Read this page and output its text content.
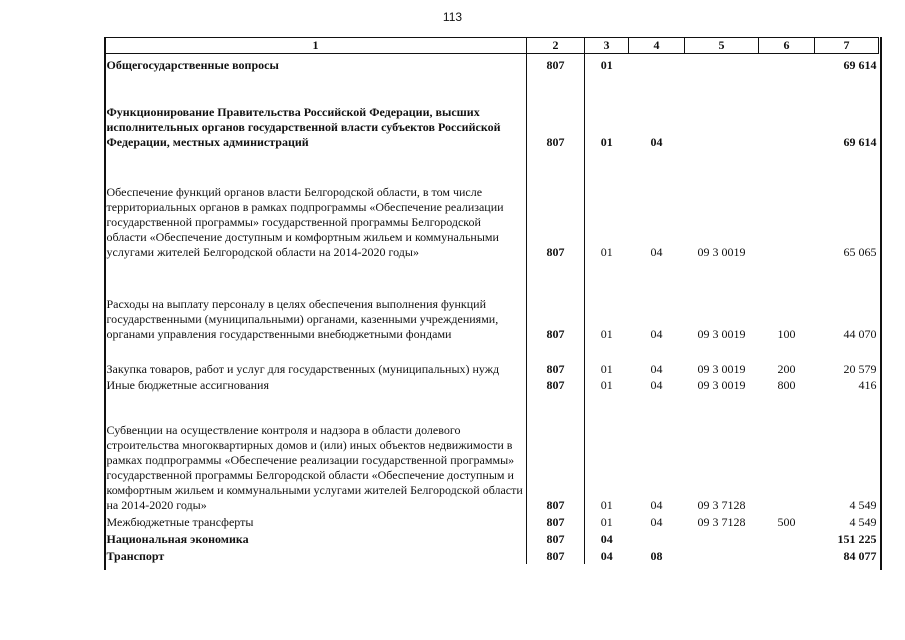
113
1	2	3	4	5	6	7
Общегосударственные вопросы	807	01				69 614
Функционирование Правительства Российской Федерации, высших исполнительных органов государственной власти субъектов Российской Федерации, местных администраций	807	01	04			69 614
Обеспечение функций органов власти Белгородской области, в том числе территориальных органов в рамках подпрограммы «Обеспечение реализации государственной программы» государственной программы Белгородской области «Обеспечение доступным и комфортным жильем и коммунальными услугами жителей Белгородской области на 2014-2020 годы»	807	01	04	09 3 0019		65 065
Расходы на выплату персоналу в целях обеспечения выполнения функций государственными (муниципальными) органами, казенными учреждениями, органами управления государственными внебюджетными фондами	807	01	04	09 3 0019	100	44 070
Закупка товаров, работ и услуг для государственных (муниципальных) нужд	807	01	04	09 3 0019	200	20 579
Иные бюджетные ассигнования	807	01	04	09 3 0019	800	416
Субвенции на осуществление контроля и надзора в области долевого строительства многоквартирных домов и (или) иных объектов недвижимости в рамках подпрограммы «Обеспечение реализации государственной программы» государственной программы Белгородской области «Обеспечение доступным и комфортным жильем и коммунальными услугами жителей Белгородской области на 2014-2020 годы»	807	01	04	09 3 7128		4 549
Межбюджетные трансферты	807	01	04	09 3 7128	500	4 549
Национальная экономика	807	04				151 225
Транспорт	807	04	08			84 077
